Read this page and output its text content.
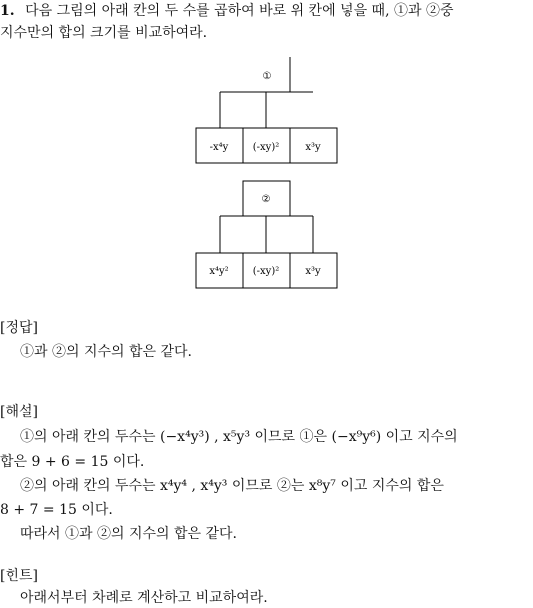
1. 다음 그림의 아래 칸의 두 수를 곱하여 바로 위 칸에 넣을 때, ①과 ②중
지수만의 합의 크기를 비교하여라.
①
-x⁴y (-xy)²	x³y
②
x⁴y² (-xy)²	x³y
[정답]
①과 ②의 지수의 합은 같다.
[해설]
①의 아래 칸의 두수는 (−x⁴y³) , x⁵y³ 이므로 ①은 (−x⁹y⁶) 이고 지수의
합은 9 + 6 = 15 이다.
②의 아래 칸의 두수는 x⁴y⁴ , x⁴y³ 이므로 ②는 x⁸y⁷ 이고 지수의 합은
8 + 7 = 15 이다.
따라서 ①과 ②의 지수의 합은 같다.
[힌트]
아래서부터 차례로 계산하고 비교하여라.
